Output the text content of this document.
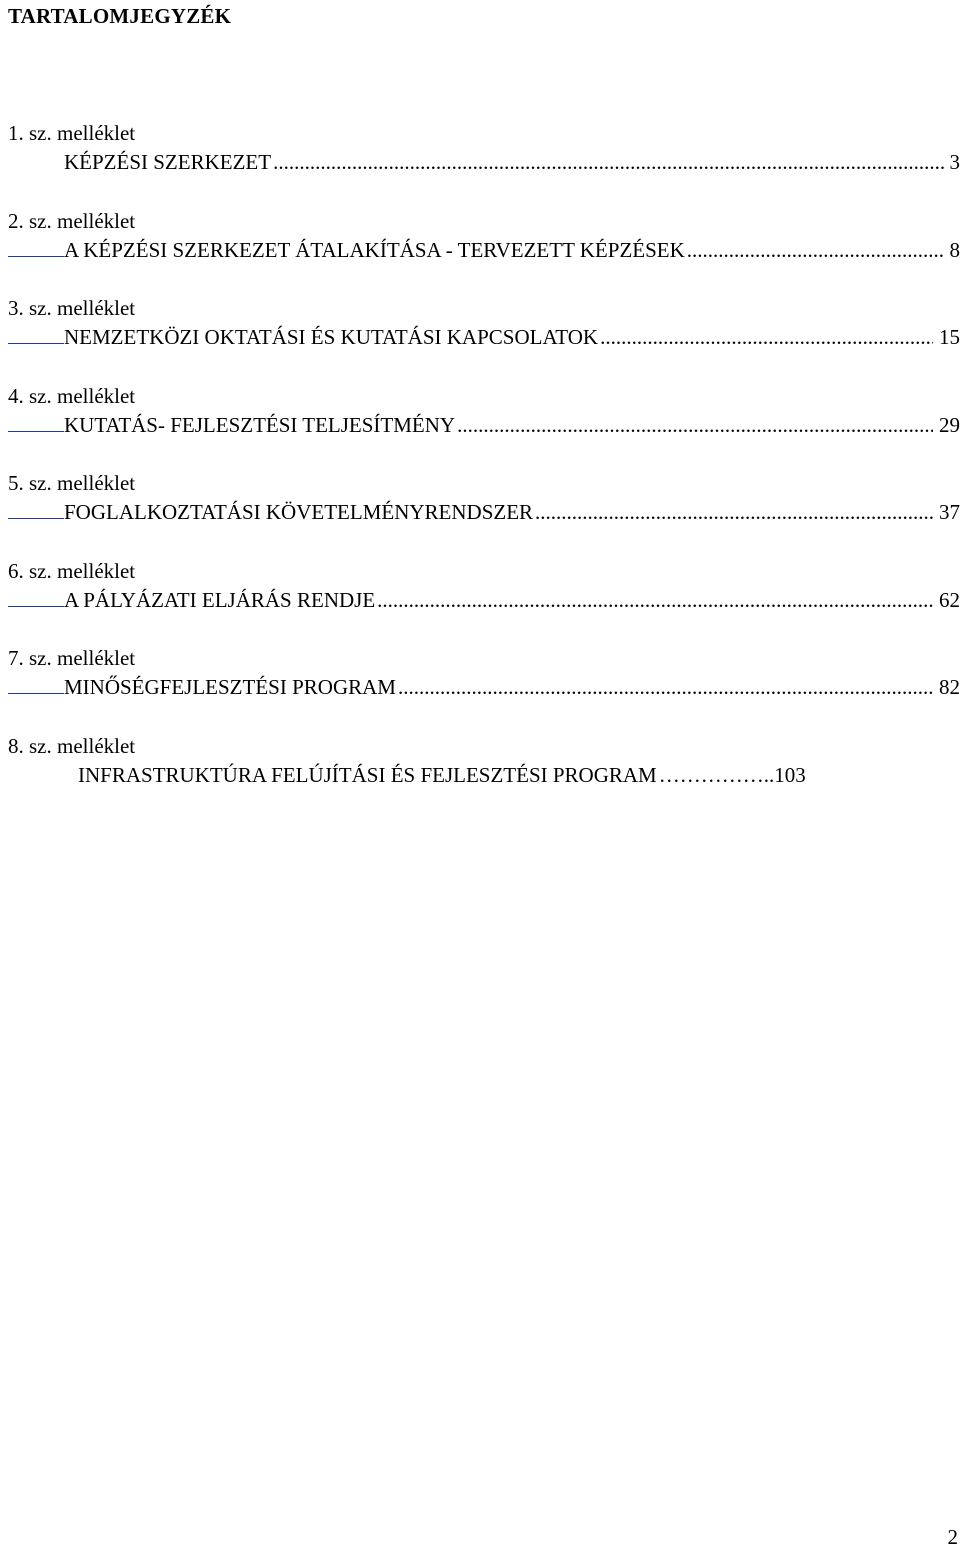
TARTALOMJEGYZÉK
1. sz. melléklet
KÉPZÉSI SZERKEZET .....	3
2. sz. melléklet
A KÉPZÉSI SZERKEZET ÁTALAKÍTÁSA - TERVEZETT KÉPZÉSEK .....	8
3. sz. melléklet
NEMZETKÖZI OKTATÁSI ÉS KUTATÁSI KAPCSOLATOK .....	15
4. sz. melléklet
KUTATÁS- FEJLESZTÉSI TELJESÍTMÉNY .....	29
5. sz. melléklet
FOGLALKOZTATÁSI KÖVETELMÉNYRENDSZER .....	37
6. sz. melléklet
A PÁLYÁZATI ELJÁRÁS RENDJE .....	62
7. sz. melléklet
MINŐSÉGFEJLESZTÉSI PROGRAM .....	82
8. sz. melléklet
INFRASTRUKTÚRA FELÚJÍTÁSI ÉS FEJLESZTÉSI PROGRAM …………….. 103
2
